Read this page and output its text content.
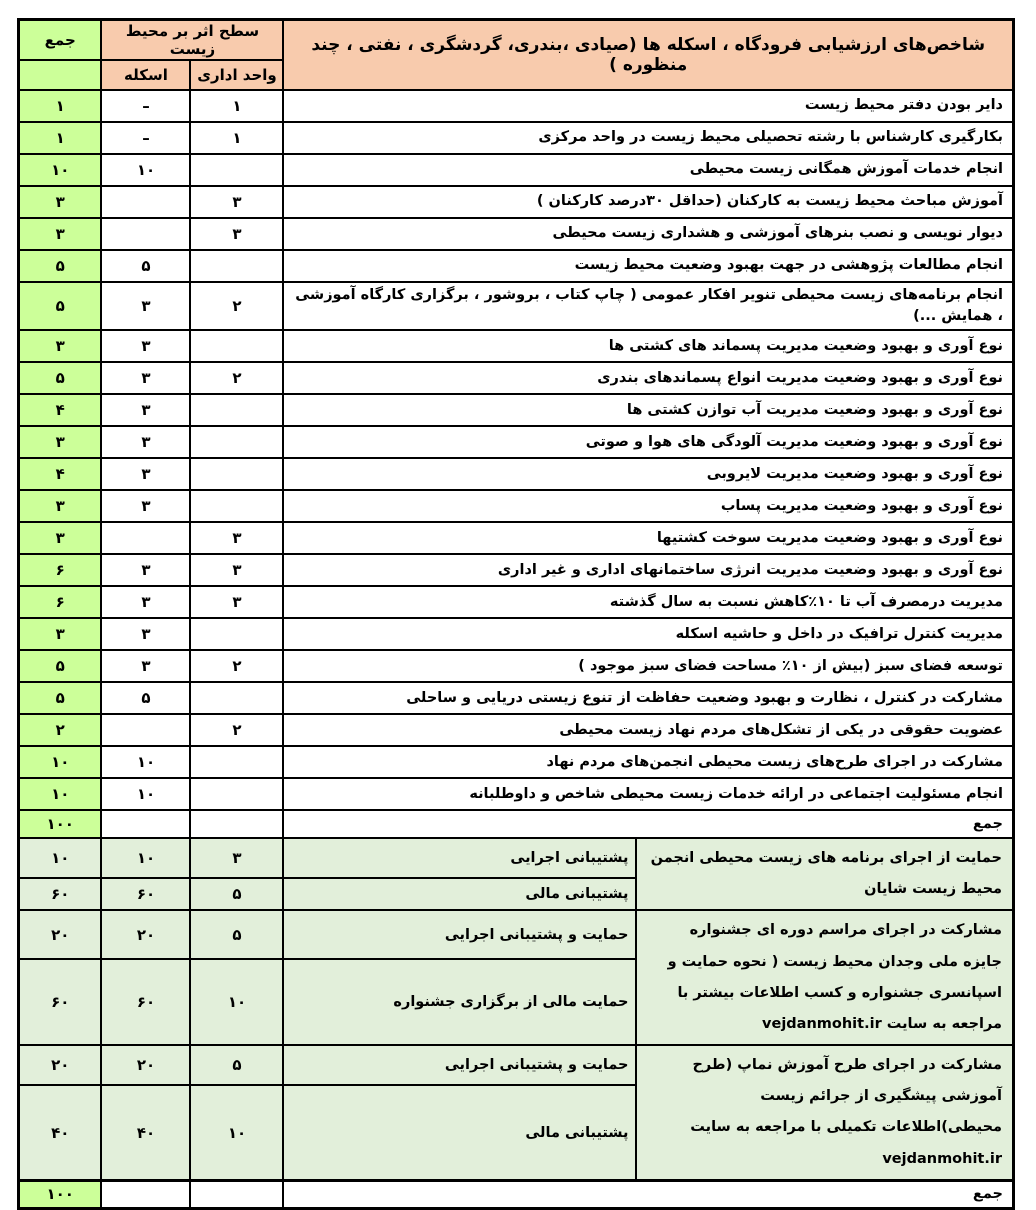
شاخص‌های ارزشیابی فرودگاه ، اسکله ها (صیادی ،بندری، گردشگری ، نفتی ، چند منظوره )		سطح اثر بر محیط زیست		جمع
		واحد اداری	اسکله	
دایر بودن دفتر محیط زیست		۱	–	۱
بکارگیری کارشناس با رشته تحصیلی محیط زیست در واحد مرکزی		۱	–	۱
انجام خدمات آموزش همگانی زیست محیطی			۱۰	۱۰
آموزش مباحث محیط زیست به کارکنان (حداقل ۳۰درصد کارکنان )		۳		۳
دیوار نویسی و نصب بنرهای آموزشی و هشداری زیست محیطی		۳		۳
انجام مطالعات پژوهشی در جهت بهبود وضعیت محیط زیست			۵	۵
انجام برنامه‌های زیست محیطی تنویر افکار عمومی ( چاپ کتاب ، بروشور ، برگزاری کارگاه آموزشی ، همایش ...)		۲	۳	۵
نوع آوری و بهبود وضعیت مدیریت پسماند های کشتی ها			۳	۳
نوع آوری و بهبود وضعیت مدیریت انواع پسماندهای بندری		۲	۳	۵
نوع آوری و بهبود وضعیت مدیریت آب توازن کشتی ها			۳	۴
نوع آوری و بهبود وضعیت مدیریت آلودگی های هوا و صوتی			۳	۳
نوع آوری و بهبود وضعیت مدیریت لایروبی			۳	۴
نوع آوری و بهبود وضعیت مدیریت پساب			۳	۳
نوع آوری و بهبود وضعیت مدیریت سوخت کشتیها		۳		۳
نوع آوری و بهبود وضعیت مدیریت انرژی ساختمانهای اداری و غیر اداری		۳	۳	۶
مدیریت درمصرف آب تا ۱۰٪کاهش نسبت به سال گذشته		۳	۳	۶
مدیریت کنترل ترافیک در داخل و حاشیه اسکله			۳	۳
توسعه فضای سبز (بیش از ۱۰٪ مساحت فضای سبز موجود )		۲	۳	۵
مشارکت در کنترل ، نظارت و بهبود وضعیت حفاظت از تنوع زیستی دریایی و ساحلی			۵	۵
عضویت حقوقی در یکی از تشکل‌های مردم نهاد زیست محیطی		۲		۲
مشارکت در اجرای طرح‌های زیست محیطی انجمن‌های مردم نهاد			۱۰	۱۰
انجام مسئولیت اجتماعی در ارائه خدمات زیست محیطی شاخص و داوطلبانه			۱۰	۱۰
جمع				۱۰۰
حمایت از اجرای برنامه های زیست محیطی انجمن محیط زیست شایان	پشتیبانی اجرایی	۳	۱۰	۱۰
	پشتیبانی مالی	۵	۶۰	۶۰
مشارکت در اجرای مراسم دوره ای جشنواره جایزه ملی وجدان محیط زیست ( نحوه حمایت و اسپانسری جشنواره و کسب اطلاعات بیشتر با مراجعه به سایت vejdanmohit.ir	حمایت و پشتیبانی اجرایی	۵	۲۰	۲۰
	حمایت مالی از برگزاری جشنواره	۱۰	۶۰	۶۰
مشارکت در اجرای طرح آموزش نماپ (طرح آموزشی پیشگیری از جرائم زیست محیطی)اطلاعات تکمیلی با مراجعه به سایت vejdanmohit.ir	حمایت و پشتیبانی اجرایی	۵	۲۰	۲۰
	پشتیبانی مالی	۱۰	۴۰	۴۰
جمع				۱۰۰
